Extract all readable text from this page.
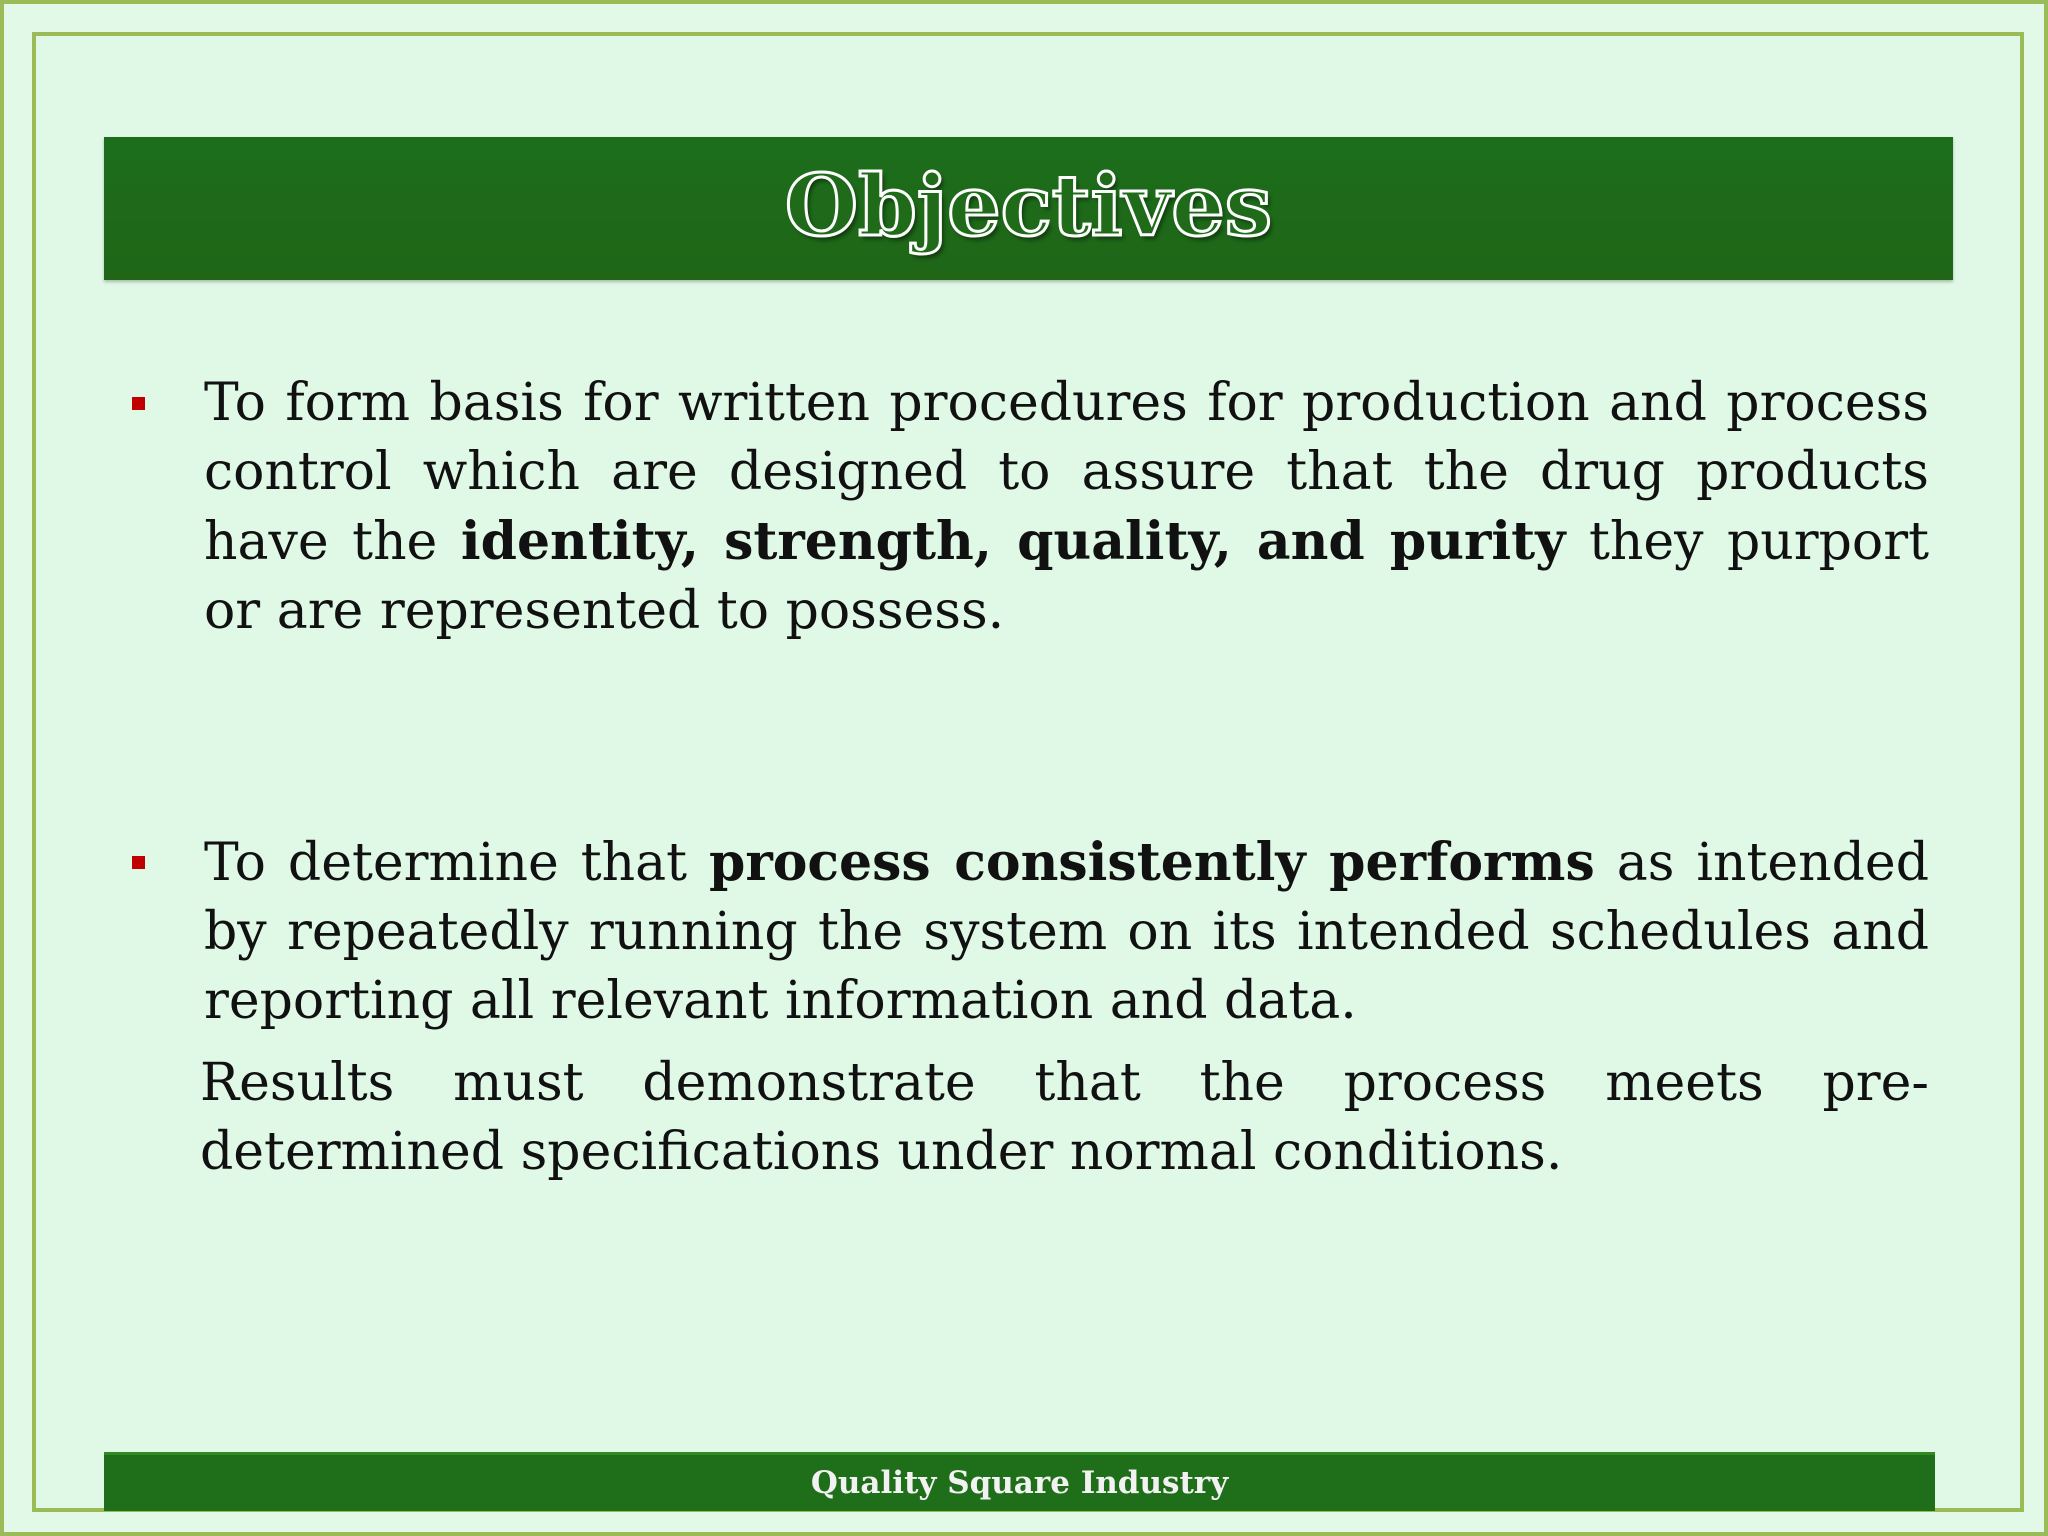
Objectives
To form basis for written procedures for production and process control which are designed to assure that the drug products have the identity, strength, quality, and purity they purport or are represented to possess.
To determine that process consistently performs as intended by repeatedly running the system on its intended schedules and reporting all relevant information and data.
Results must demonstrate that the process meets pre-determined specifications under normal conditions.
Quality Square Industry
